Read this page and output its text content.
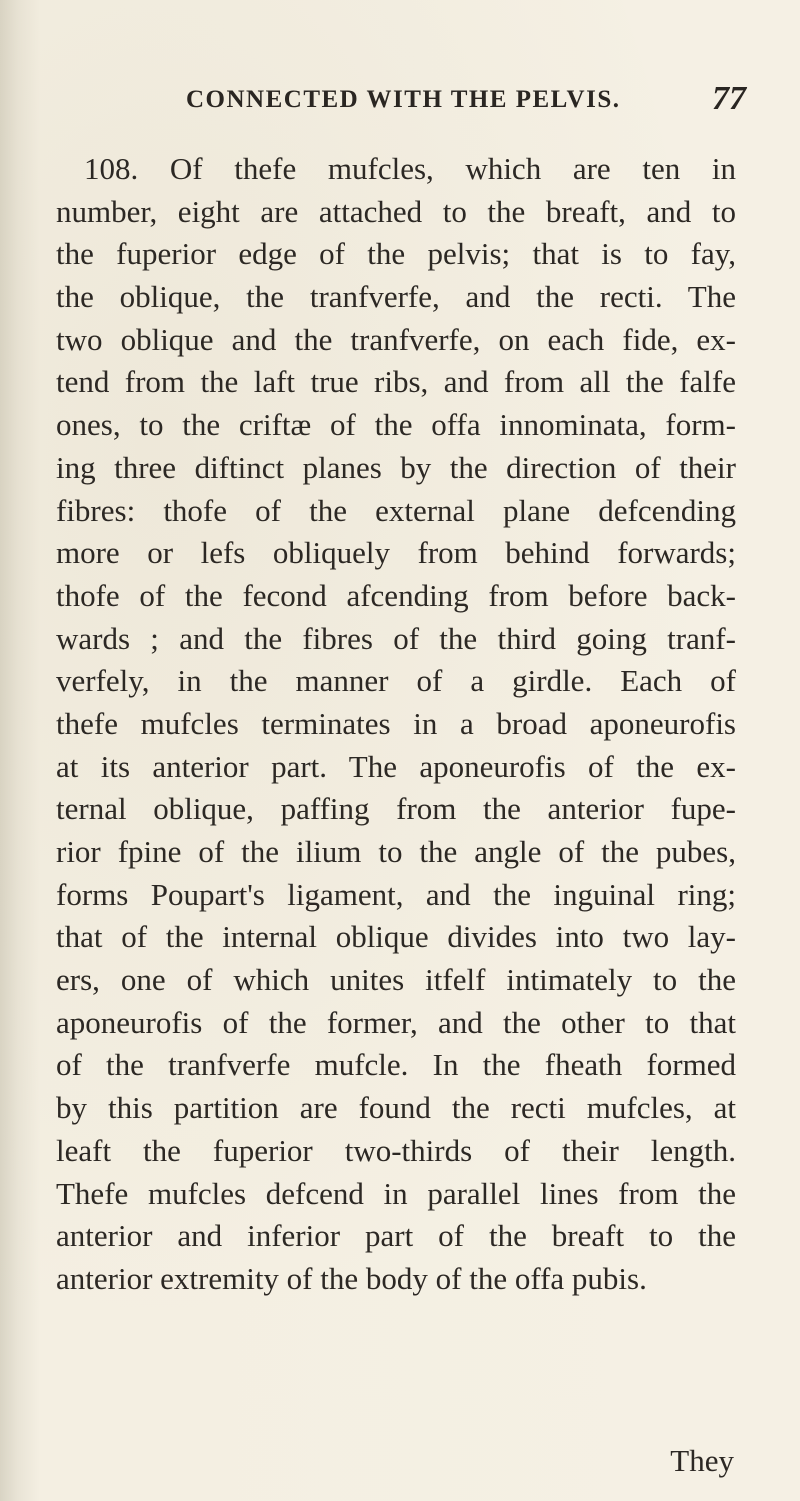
CONNECTED WITH THE PELVIS.	77
108. Of thefe mufcles, which are ten in
number, eight are attached to the breaft, and to
the fuperior edge of the pelvis; that is to fay,
the oblique, the tranfverfe, and the recti. The
two oblique and the tranfverfe, on each fide, ex-
tend from the laft true ribs, and from all the falfe
ones, to the criftæ of the offa innominata, form-
ing three diftinct planes by the direction of their
fibres: thofe of the external plane defcending
more or lefs obliquely from behind forwards;
thofe of the fecond afcending from before back-
wards ; and the fibres of the third going tranf-
verfely, in the manner of a girdle. Each of
thefe mufcles terminates in a broad aponeurofis
at its anterior part. The aponeurofis of the ex-
ternal oblique, paffing from the anterior fupe-
rior fpine of the ilium to the angle of the pubes,
forms Poupart's ligament, and the inguinal ring;
that of the internal oblique divides into two lay-
ers, one of which unites itfelf intimately to the
aponeurofis of the former, and the other to that
of the tranfverfe mufcle. In the fheath formed
by this partition are found the recti mufcles, at
leaft the fuperior two-thirds of their length.
Thefe mufcles defcend in parallel lines from the
anterior and inferior part of the breaft to the
anterior extremity of the body of the offa pubis.
They
